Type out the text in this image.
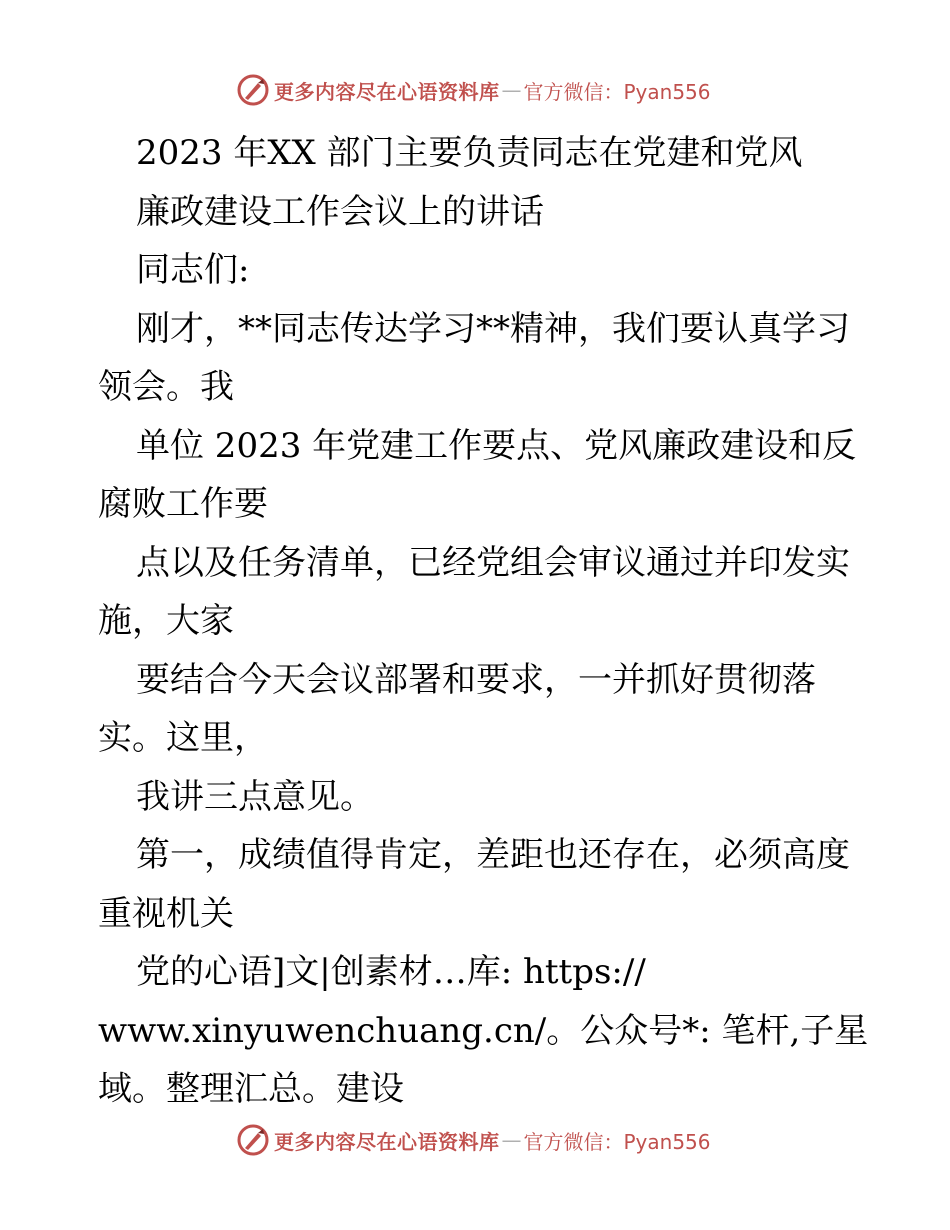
更多内容尽在心语资料库 — 官方微信：Pyan556
2023 年XX 部门主要负责同志在党建和党风
廉政建设工作会议上的讲话
同志们:
刚才，**同志传达学习**精神，我们要认真学习
领会。我
单位 2023 年党建工作要点、党风廉政建设和反
腐败工作要
点以及任务清单，已经党组会审议通过并印发实
施，大家
要结合今天会议部署和要求，一并抓好贯彻落
实。这里，
我讲三点意见。
第一，成绩值得肯定，差距也还存在，必须高度
重视机关
党的心语]文|创素材…库: https://
www.xinyuwenchuang.cn/。公众号*: 笔杆,子星
域。整理汇总。建设
更多内容尽在心语资料库 — 官方微信：Pyan556
